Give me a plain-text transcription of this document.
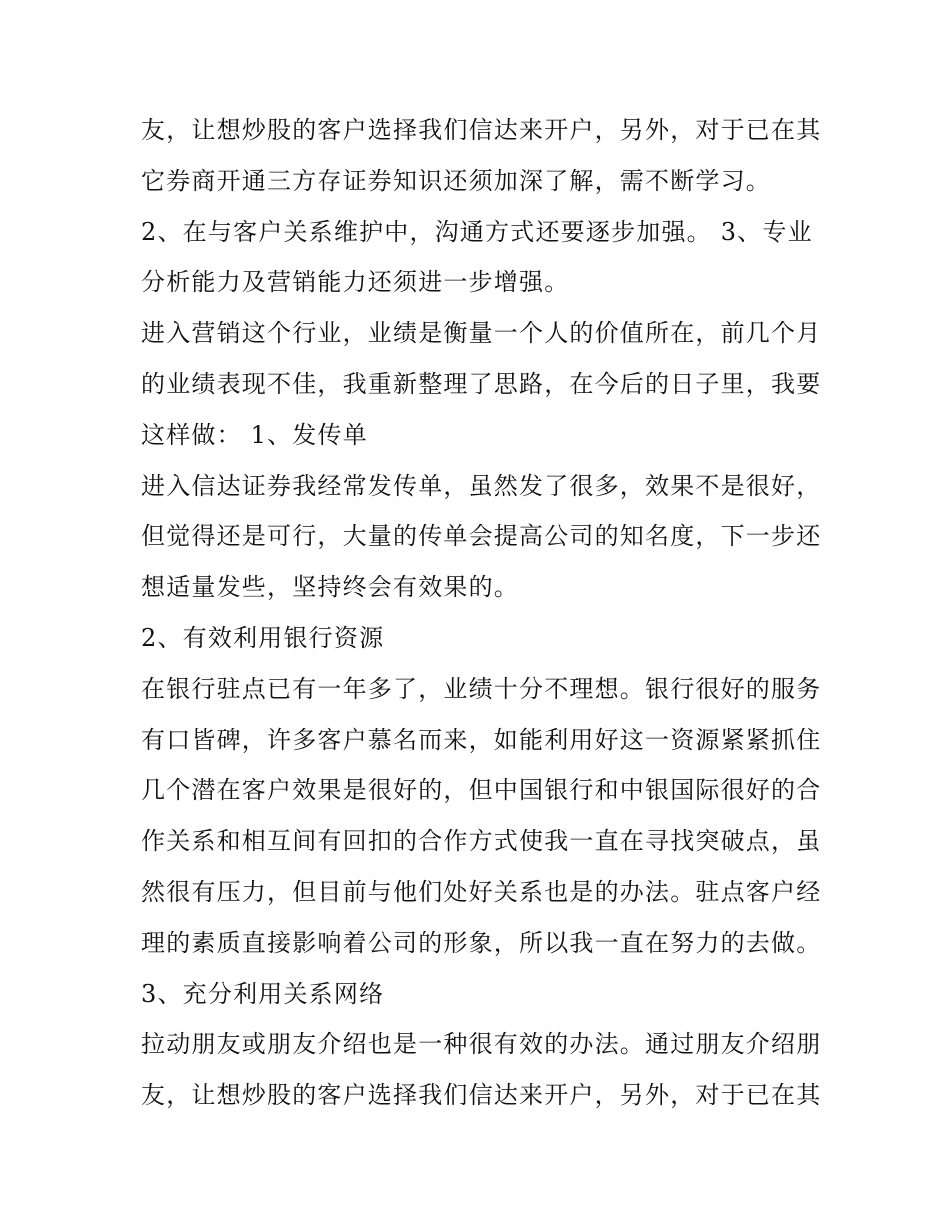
友，让想炒股的客户选择我们信达来开户，另外，对于已在其
它券商开通三方存证券知识还须加深了解，需不断学习。
2、在与客户关系维护中，沟通方式还要逐步加强。 3、专业
分析能力及营销能力还须进一步增强。
进入营销这个行业，业绩是衡量一个人的价值所在，前几个月
的业绩表现不佳，我重新整理了思路，在今后的日子里，我要
这样做： 1、发传单
进入信达证券我经常发传单，虽然发了很多，效果不是很好，
但觉得还是可行，大量的传单会提高公司的知名度，下一步还
想适量发些，坚持终会有效果的。
2、有效利用银行资源
在银行驻点已有一年多了，业绩十分不理想。银行很好的服务
有口皆碑，许多客户慕名而来，如能利用好这一资源紧紧抓住
几个潜在客户效果是很好的，但中国银行和中银国际很好的合
作关系和相互间有回扣的合作方式使我一直在寻找突破点，虽
然很有压力，但目前与他们处好关系也是的办法。驻点客户经
理的素质直接影响着公司的形象，所以我一直在努力的去做。
3、充分利用关系网络
拉动朋友或朋友介绍也是一种很有效的办法。通过朋友介绍朋
友，让想炒股的客户选择我们信达来开户，另外，对于已在其
